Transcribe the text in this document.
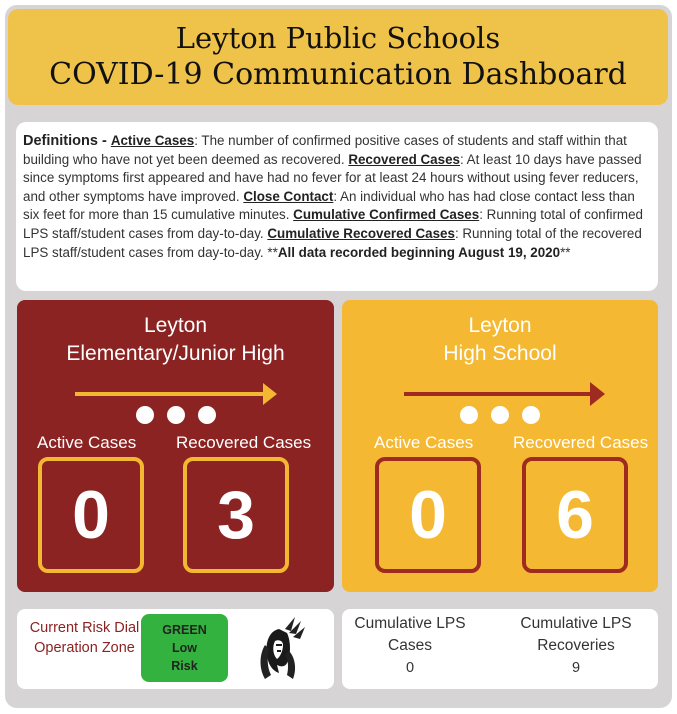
Leyton Public Schools
COVID-19 Communication Dashboard
Definitions - Active Cases: The number of confirmed positive cases of students and staff within that building who have not yet been deemed as recovered. Recovered Cases: At least 10 days have passed since symptoms first appeared and have had no fever for at least 24 hours without using fever reducers, and other symptoms have improved. Close Contact: An individual who has had close contact less than six feet for more than 15 cumulative minutes. Cumulative Confirmed Cases: Running total of confirmed LPS staff/student cases from day-to-day. Cumulative Recovered Cases: Running total of the recovered LPS staff/student cases from day-to-day. **All data recorded beginning August 19, 2020**
Leyton
Elementary/Junior High
Active Cases Recovered Cases
0	3
Leyton
High School
Active Cases Recovered Cases
0	6
Current Risk Dial Operation Zone
GREEN
Low
Risk
Cumulative LPS Cases
0
Cumulative LPS Recoveries
9
